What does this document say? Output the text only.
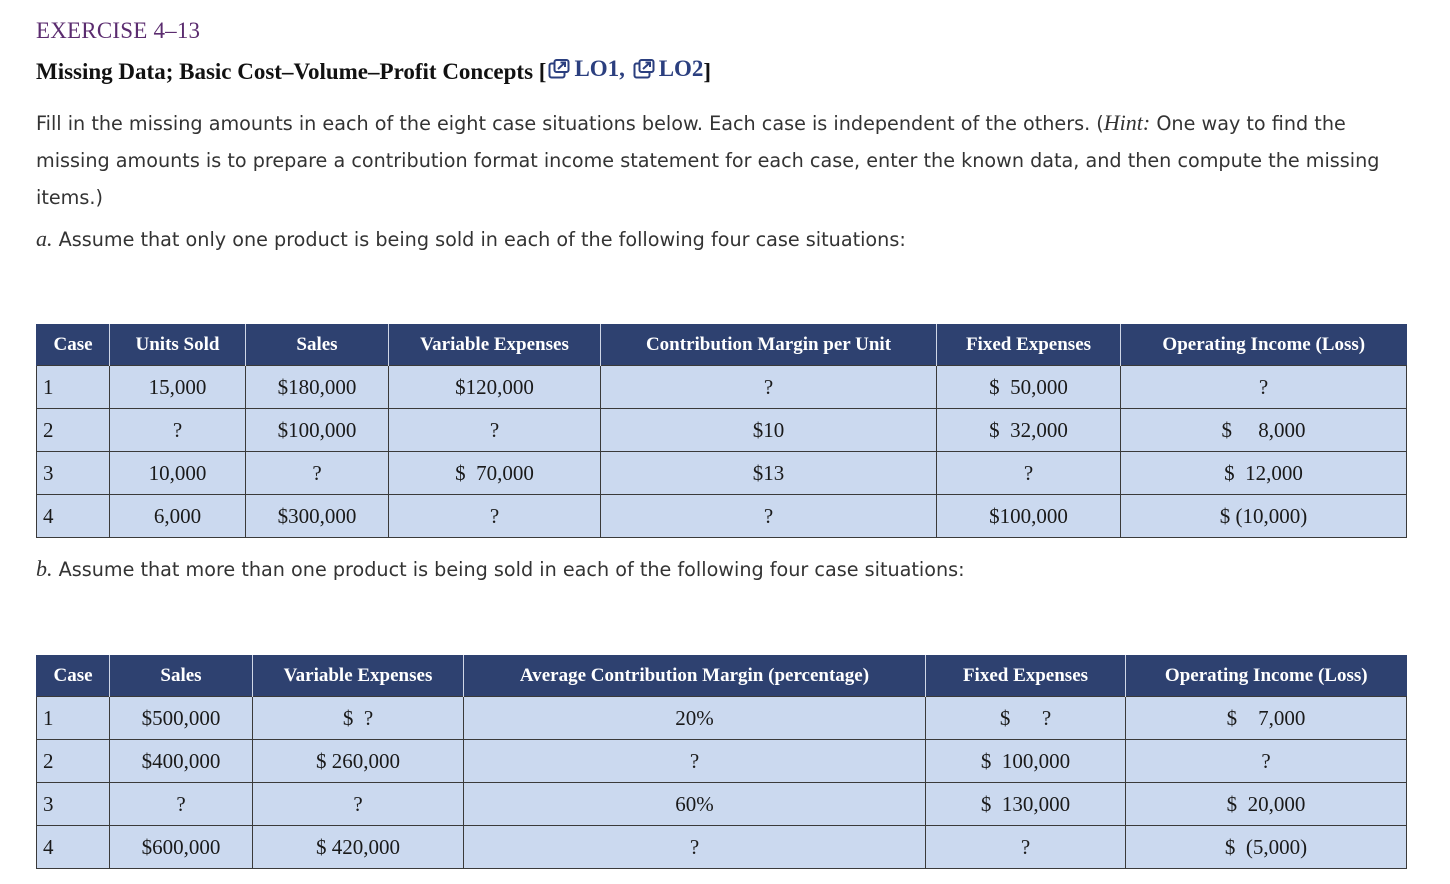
EXERCISE 4–13
Missing Data; Basic Cost–Volume–Profit Concepts [ LO1,
LO2 ]
Fill in the missing amounts in each of the eight case situations below. Each case is independent of the others. (Hint: One way to find the missing amounts is to prepare a contribution format income statement for each case, enter the known data, and then compute the missing items.)
a. Assume that only one product is being sold in each of the following four case situations:
Case	Units Sold	Sales	Variable Expenses	Contribution Margin per Unit	Fixed Expenses	Operating Income (Loss)
1	15,000	$180,000	$120,000	?	$  50,000	?
2	?	$100,000	?	$10	$  32,000	$     8,000
3	10,000	?	$  70,000	$13	?	$  12,000
4	6,000	$300,000	?	?	$100,000	$ (10,000)
b. Assume that more than one product is being sold in each of the following four case situations:
Case	Sales	Variable Expenses	Average Contribution Margin (percentage)	Fixed Expenses	Operating Income (Loss)
1	$500,000	$  ?	20%	$      ?	$    7,000
2	$400,000	$ 260,000	?	$  100,000	?
3	?	?	60%	$  130,000	$  20,000
4	$600,000	$ 420,000	?	?	$  (5,000)
